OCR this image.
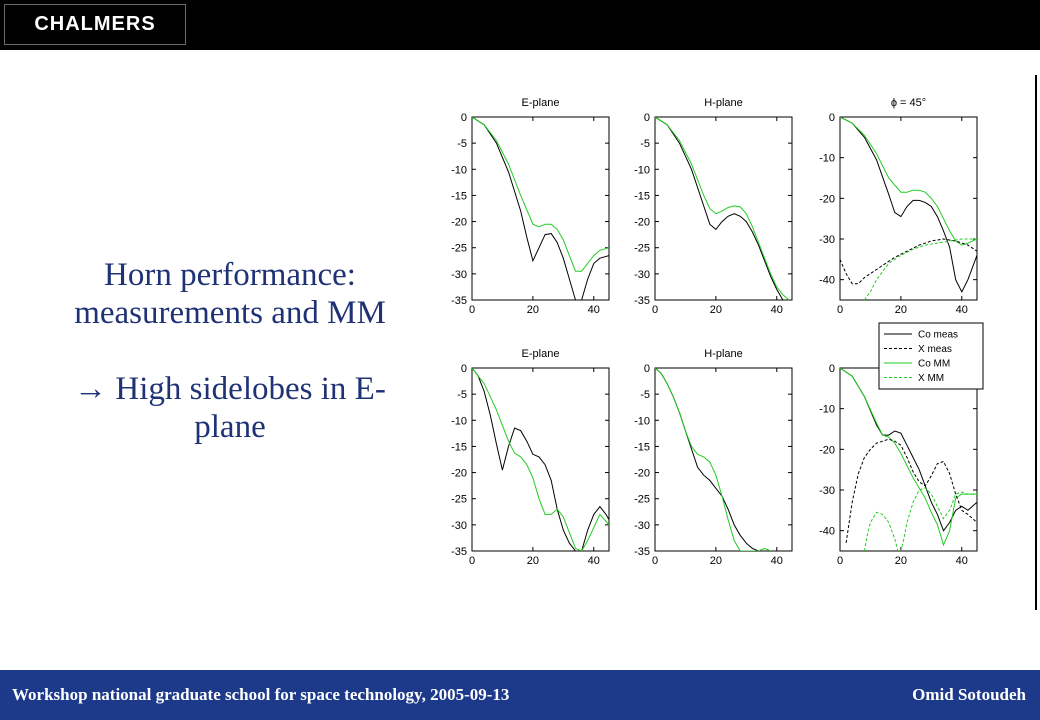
CHALMERS

Horn performance:

measurements and MM

→ High sidelobes in E-

plane

E-plane
0	20	40
0
-5
-10
-15
-20
-25
-30
-35
H-plane
0	20	40
0
-5
-10
-15
-20
-25
-30
-35
ϕ = 45°
0	20	40
0
-10
-20
-30
-40
E-plane
0	20	40
0
-5
-10
-15
-20
-25
-30
-35
H-plane
0	20	40
0
-5
-10
-15
-20
-25
-30
-35
0	20	40
0
-10
-20
-30
-40
Co meas
X meas
Co MM
X MM
Workshop national graduate school for space technology, 2005-09-13	Omid Sotoudeh
